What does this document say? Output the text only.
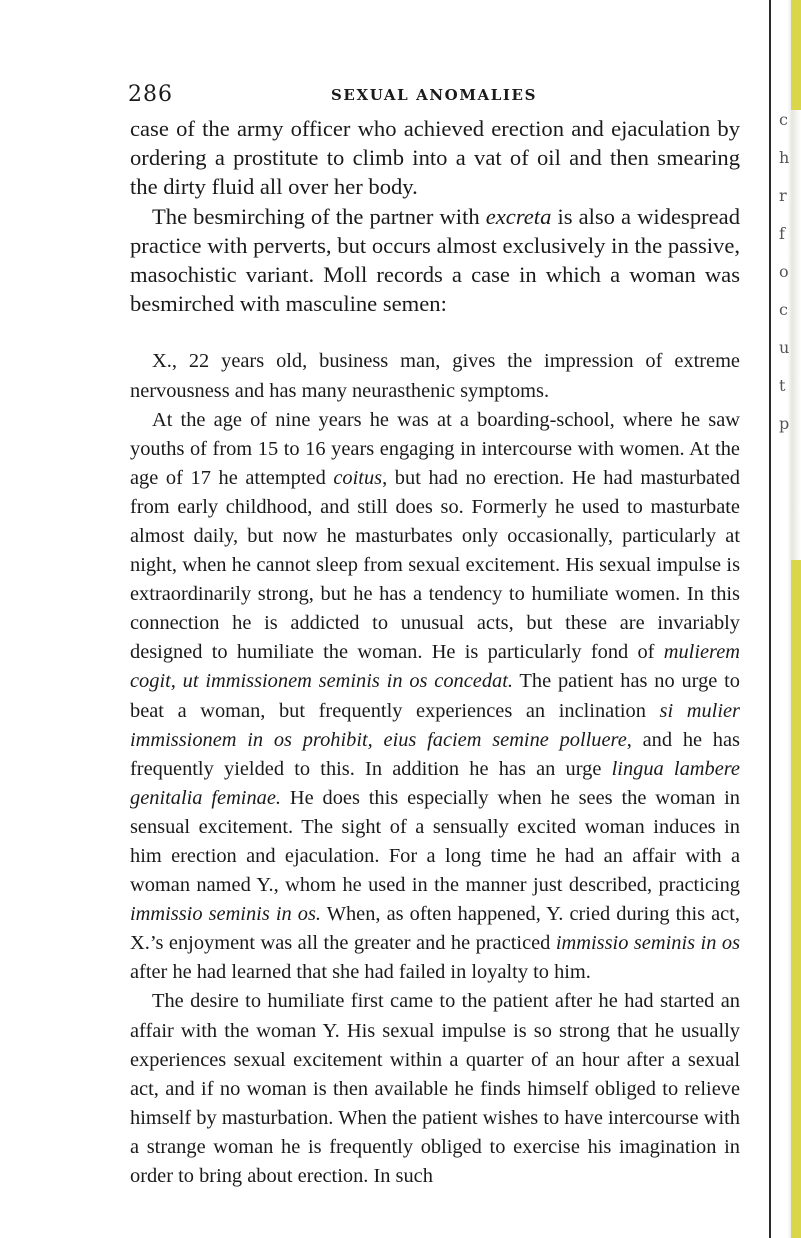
286	SEXUAL ANOMALIES

case of the army officer who achieved erection and ejaculation by ordering a prostitute to climb into a vat of oil and then smearing the dirty fluid all over her body.

The besmirching of the partner with excreta is also a widespread practice with perverts, but occurs almost exclusively in the passive, masochistic variant. Moll records a case in which a woman was besmirched with masculine semen:

X., 22 years old, business man, gives the impression of extreme nervousness and has many neurasthenic symptoms.

At the age of nine years he was at a boarding-school, where he saw youths of from 15 to 16 years engaging in intercourse with women. At the age of 17 he attempted coitus, but had no erection. He had masturbated from early childhood, and still does so. Formerly he used to masturbate almost daily, but now he masturbates only occasionally, particularly at night, when he cannot sleep from sexual excitement. His sexual impulse is extraordinarily strong, but he has a tendency to humiliate women. In this connection he is addicted to unusual acts, but these are invariably designed to humiliate the woman. He is particularly fond of mulierem cogit, ut immissionem seminis in os concedat. The patient has no urge to beat a woman, but frequently experiences an inclination si mulier immissionem in os prohibit, eius faciem semine polluere, and he has frequently yielded to this. In addition he has an urge lingua lambere genitalia feminae. He does this especially when he sees the woman in sensual excitement. The sight of a sensually excited woman induces in him erection and ejaculation. For a long time he had an affair with a woman named Y., whom he used in the manner just described, practicing immissio seminis in os. When, as often happened, Y. cried during this act, X.’s enjoyment was all the greater and he practiced immissio seminis in os after he had learned that she had failed in loyalty to him.

The desire to humiliate first came to the patient after he had started an affair with the woman Y. His sexual impulse is so strong that he usually experiences sexual excitement within a quarter of an hour after a sexual act, and if no woman is then available he finds himself obliged to relieve himself by masturbation. When the patient wishes to have intercourse with a strange woman he is frequently obliged to exercise his imagination in order to bring about erection. In such

c
h
r
f
o
c
u
t
p
